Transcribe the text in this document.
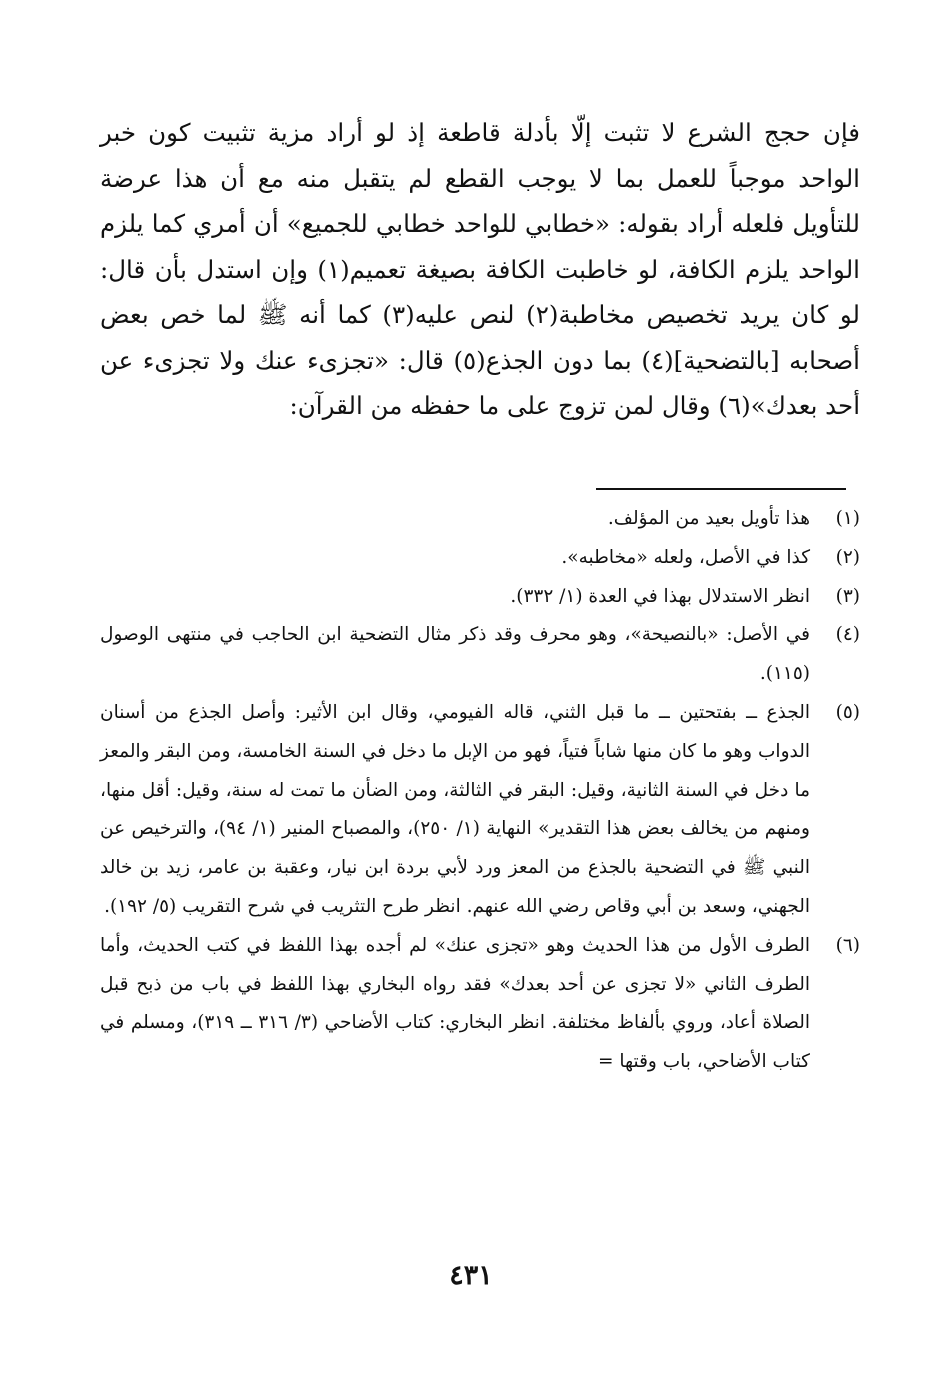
فإن حجج الشرع لا تثبت إلّا بأدلة قاطعة إذ لو أراد مزية تثبيت كون خبر الواحد موجباً للعمل بما لا يوجب القطع لم يتقبل منه مع أن هذا عرضة للتأويل فلعله أراد بقوله: «خطابي للواحد خطابي للجميع» أن أمري كما يلزم الواحد يلزم الكافة، لو خاطبت الكافة بصيغة تعميم(١) وإن استدل بأن قال: لو كان يريد تخصيص مخاطبة(٢) لنص عليه(٣) كما أنه ﷺ لما خص بعض أصحابه [بالتضحية](٤) بما دون الجذع(٥) قال: «تجزىء عنك ولا تجزىء عن أحد بعدك»(٦) وقال لمن تزوج على ما حفظه من القرآن:

(١)
هذا تأويل بعيد من المؤلف.
(٢)
كذا في الأصل، ولعله «مخاطبه».
(٣)
انظر الاستدلال بهذا في العدة (١/ ٣٣٢).
(٤)
في الأصل: «بالنصيحة»، وهو محرف وقد ذكر مثال التضحية ابن الحاجب في منتهى الوصول (١١٥).
(٥)
الجذع ــ بفتحتين ــ ما قبل الثني، قاله الفيومي، وقال ابن الأثير: وأصل الجذع من أسنان الدواب وهو ما كان منها شاباً فتياً، فهو من الإبل ما دخل في السنة الخامسة، ومن البقر والمعز ما دخل في السنة الثانية، وقيل: البقر في الثالثة، ومن الضأن ما تمت له سنة، وقيل: أقل منها، ومنهم من يخالف بعض هذا التقدير» النهاية (١/ ٢٥٠)، والمصباح المنير (١/ ٩٤)، والترخيص عن النبي ﷺ في التضحية بالجذع من المعز ورد لأبي بردة ابن نيار، وعقبة بن عامر، زيد بن خالد الجهني، وسعد بن أبي وقاص رضي الله عنهم. انظر طرح التثريب في شرح التقريب (٥/ ١٩٢).
(٦)
الطرف الأول من هذا الحديث وهو «تجزى عنك» لم أجده بهذا اللفظ في كتب الحديث، وأما الطرف الثاني «لا تجزى عن أحد بعدك» فقد رواه البخاري بهذا اللفظ في باب من ذبح قبل الصلاة أعاد، وروي بألفاظ مختلفة. انظر البخاري: كتاب الأضاحي (٣/ ٣١٦ ــ ٣١٩)، ومسلم في كتاب الأضاحي، باب وقتها =
٤٣١
